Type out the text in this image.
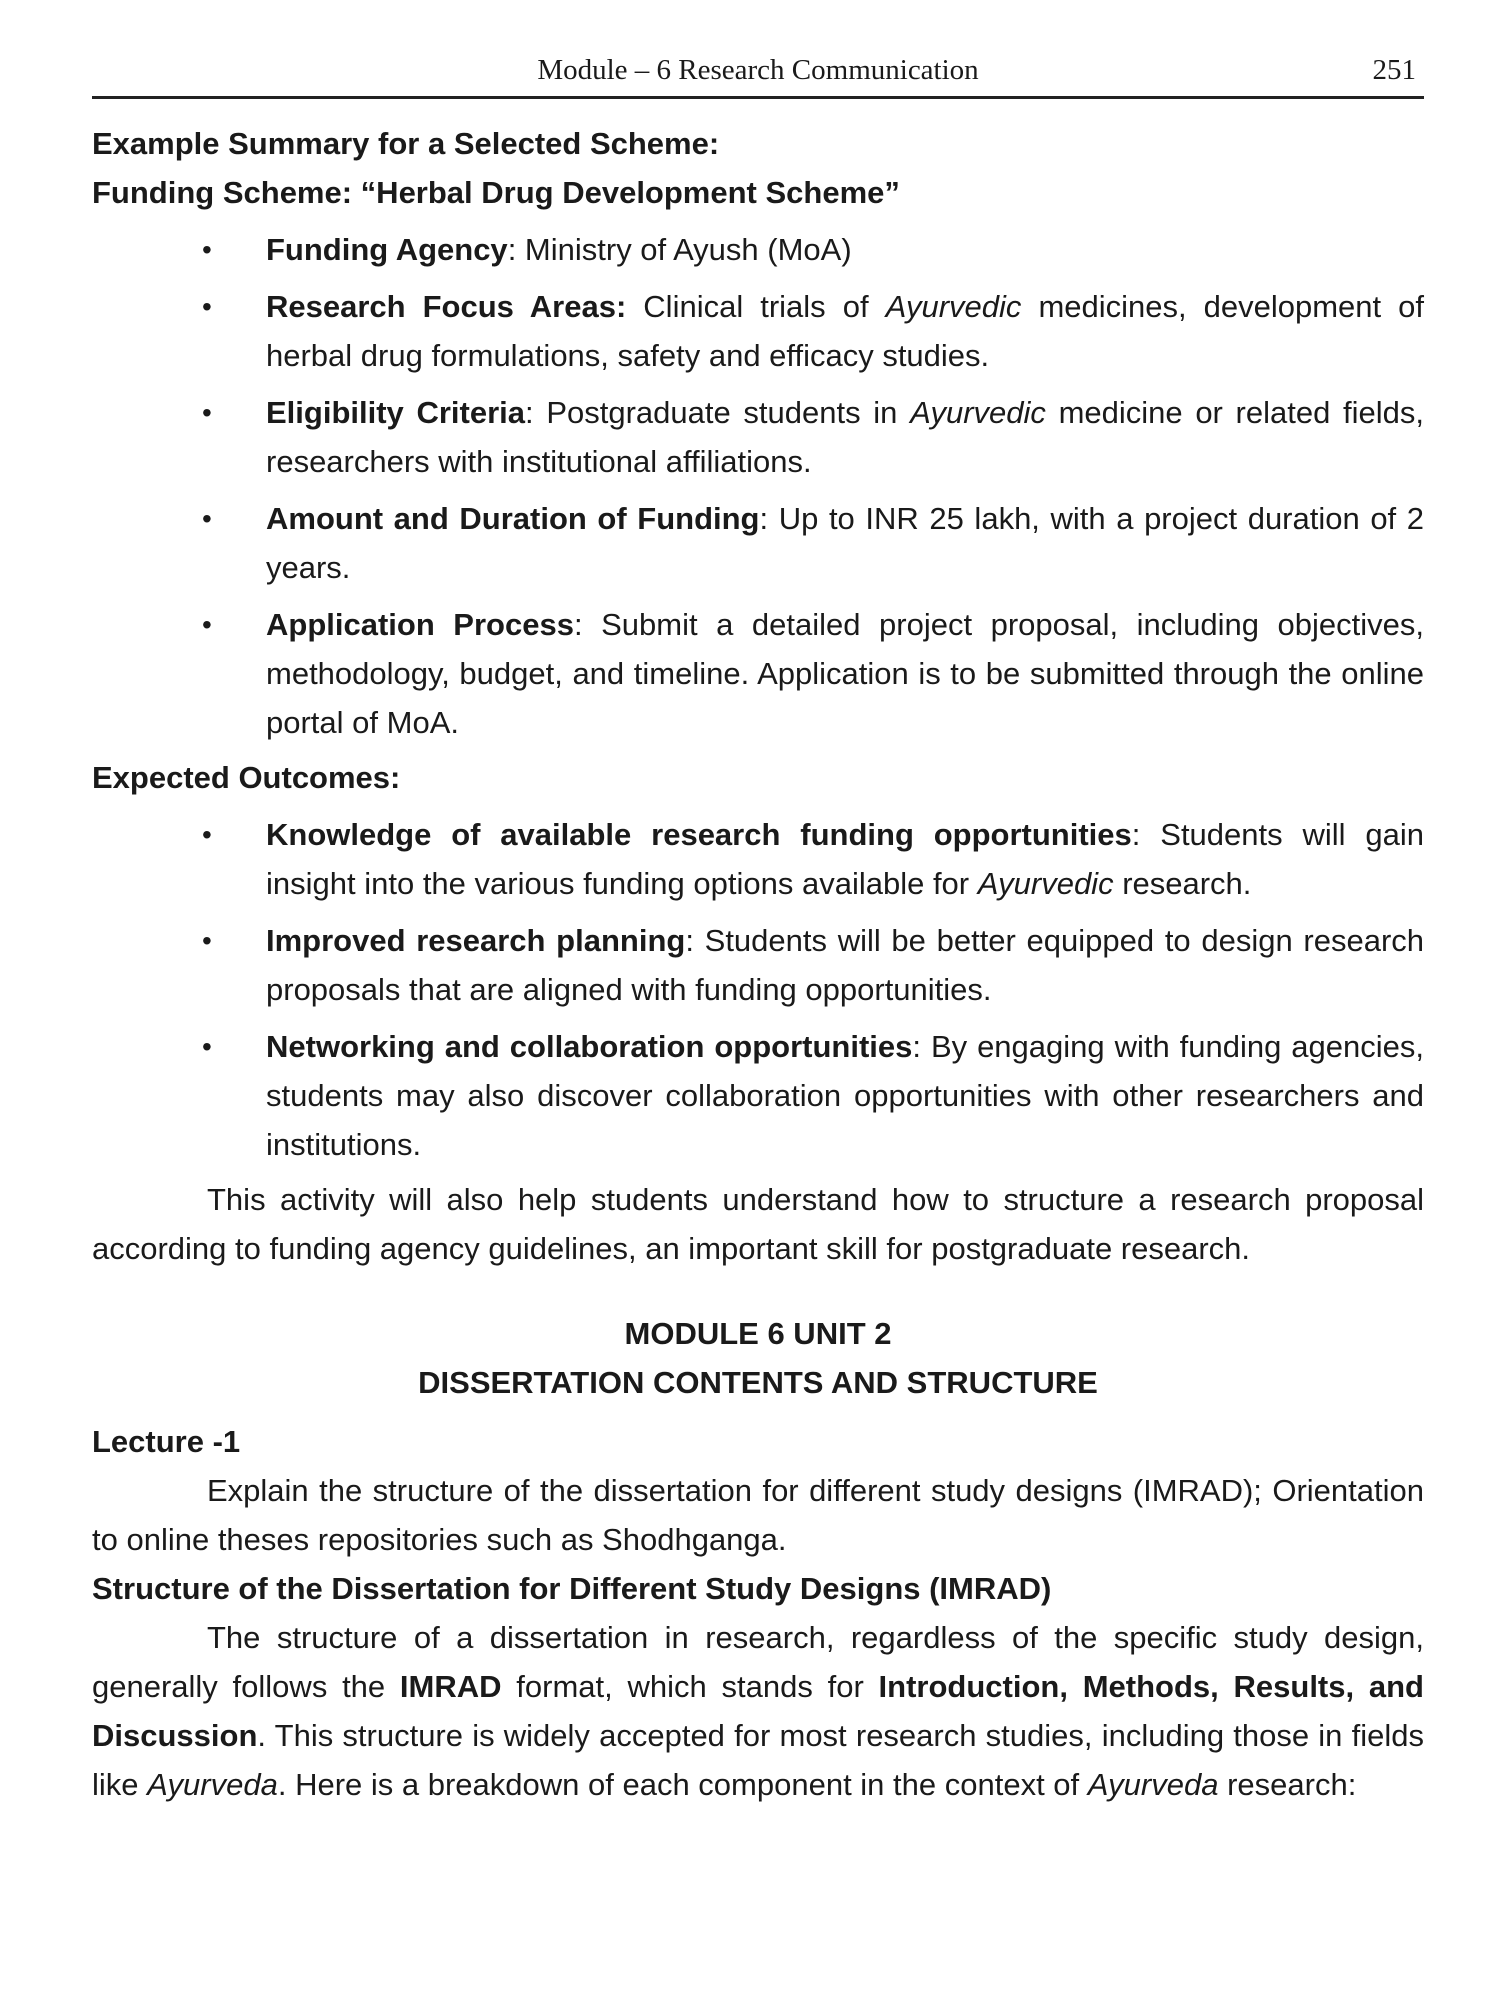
Module – 6 Research Communication	251

Example Summary for a Selected Scheme:

Funding Scheme: “Herbal Drug Development Scheme”

• Funding Agency: Ministry of Ayush (MoA)
• Research Focus Areas: Clinical trials of Ayurvedic medicines, development of herbal drug formulations, safety and efficacy studies.
• Eligibility Criteria: Postgraduate students in Ayurvedic medicine or related fields, researchers with institutional affiliations.
• Amount and Duration of Funding: Up to INR 25 lakh, with a project duration of 2 years.
• Application Process: Submit a detailed project proposal, including objectives, methodology, budget, and timeline. Application is to be submitted through the online portal of MoA.

Expected Outcomes:

• Knowledge of available research funding opportunities: Students will gain insight into the various funding options available for Ayurvedic research.
• Improved research planning: Students will be better equipped to design research proposals that are aligned with funding opportunities.
• Networking and collaboration opportunities: By engaging with funding agencies, students may also discover collaboration opportunities with other researchers and institutions.

This activity will also help students understand how to structure a research proposal according to funding agency guidelines, an important skill for postgraduate research.

MODULE 6 UNIT 2

DISSERTATION CONTENTS AND STRUCTURE

Lecture -1

Explain the structure of the dissertation for different study designs (IMRAD); Orientation to online theses repositories such as Shodhganga.

Structure of the Dissertation for Different Study Designs (IMRAD)

The structure of a dissertation in research, regardless of the specific study design, generally follows the IMRAD format, which stands for Introduction, Methods, Results, and Discussion. This structure is widely accepted for most research studies, including those in fields like Ayurveda. Here is a breakdown of each component in the context of Ayurveda research:
